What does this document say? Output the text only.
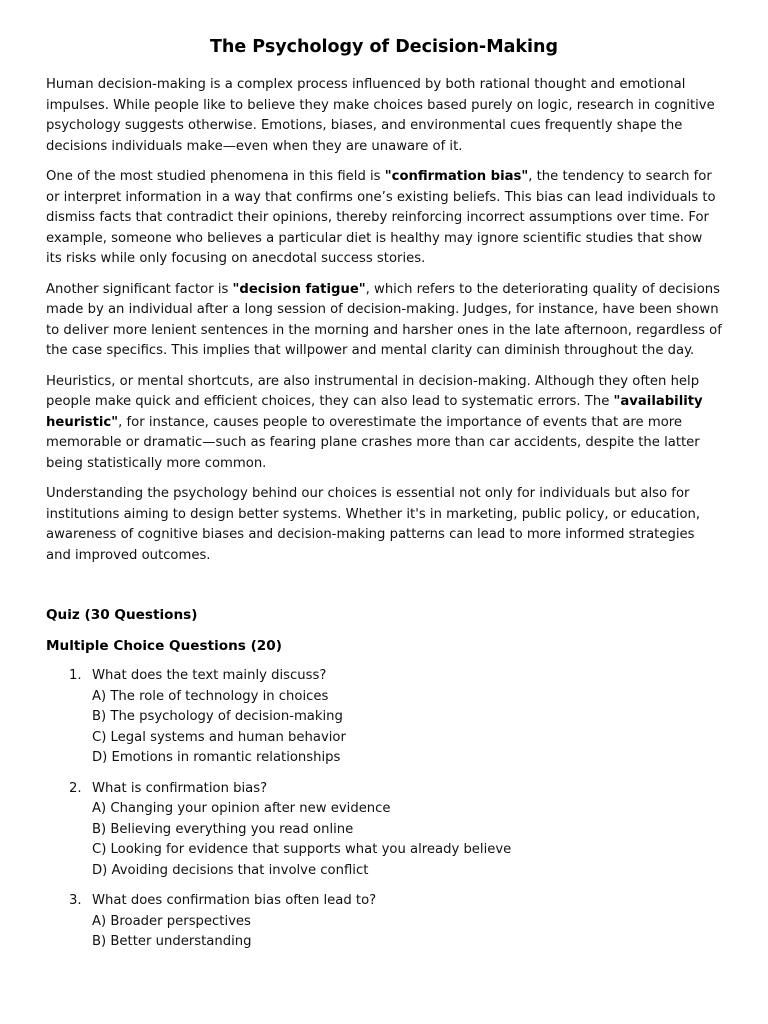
The Psychology of Decision-Making

Human decision-making is a complex process influenced by both rational thought and emotional impulses. While people like to believe they make choices based purely on logic, research in cognitive psychology suggests otherwise. Emotions, biases, and environmental cues frequently shape the decisions individuals make—even when they are unaware of it.

One of the most studied phenomena in this field is "confirmation bias", the tendency to search for or interpret information in a way that confirms one’s existing beliefs. This bias can lead individuals to dismiss facts that contradict their opinions, thereby reinforcing incorrect assumptions over time. For example, someone who believes a particular diet is healthy may ignore scientific studies that show its risks while only focusing on anecdotal success stories.

Another significant factor is "decision fatigue", which refers to the deteriorating quality of decisions made by an individual after a long session of decision-making. Judges, for instance, have been shown to deliver more lenient sentences in the morning and harsher ones in the late afternoon, regardless of the case specifics. This implies that willpower and mental clarity can diminish throughout the day.

Heuristics, or mental shortcuts, are also instrumental in decision-making. Although they often help people make quick and efficient choices, they can also lead to systematic errors. The "availability heuristic", for instance, causes people to overestimate the importance of events that are more memorable or dramatic—such as fearing plane crashes more than car accidents, despite the latter being statistically more common.

Understanding the psychology behind our choices is essential not only for individuals but also for institutions aiming to design better systems. Whether it's in marketing, public policy, or education, awareness of cognitive biases and decision-making patterns can lead to more informed strategies and improved outcomes.

Quiz (30 Questions)
Multiple Choice Questions (20)
1. What does the text mainly discuss?
A) The role of technology in choices
B) The psychology of decision-making
C) Legal systems and human behavior
D) Emotions in romantic relationships
2. What is confirmation bias?
A) Changing your opinion after new evidence
B) Believing everything you read online
C) Looking for evidence that supports what you already believe
D) Avoiding decisions that involve conflict
3. What does confirmation bias often lead to?
A) Broader perspectives
B) Better understanding
